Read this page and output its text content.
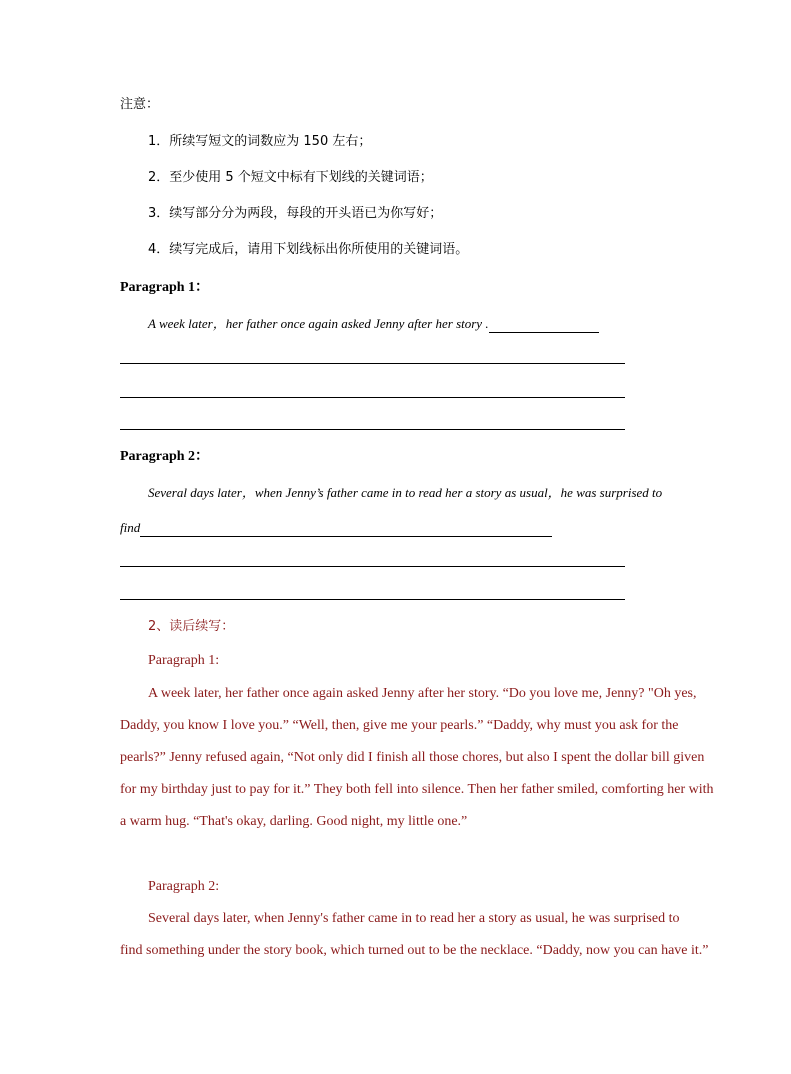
注意：
1．所续写短文的词数应为 150 左右；
2．至少使用 5 个短文中标有下划线的关键词语；
3．续写部分分为两段，每段的开头语已为你写好；
4．续写完成后，请用下划线标出你所使用的关键词语。
Paragraph 1：
A week later，her father once again asked Jenny after her story .
Paragraph 2：
Several days later，when Jenny’s father came in to read her a story as usual，he was surprised to
find
2、读后续写：
Paragraph 1:
A week later, her father once again asked Jenny after her story. “Do you love me, Jenny? "Oh yes,
Daddy, you know I love you.” “Well, then, give me your pearls.” “Daddy, why must you ask for the
pearls?” Jenny refused again, “Not only did I finish all those chores, but also I spent the dollar bill given
for my birthday just to pay for it.” They both fell into silence. Then her father smiled, comforting her with
a warm hug. “That's okay, darling. Good night, my little one.”
Paragraph 2:
Several days later, when Jenny's father came in to read her a story as usual, he was surprised to
find something under the story book, which turned out to be the necklace. “Daddy, now you can have it.”
